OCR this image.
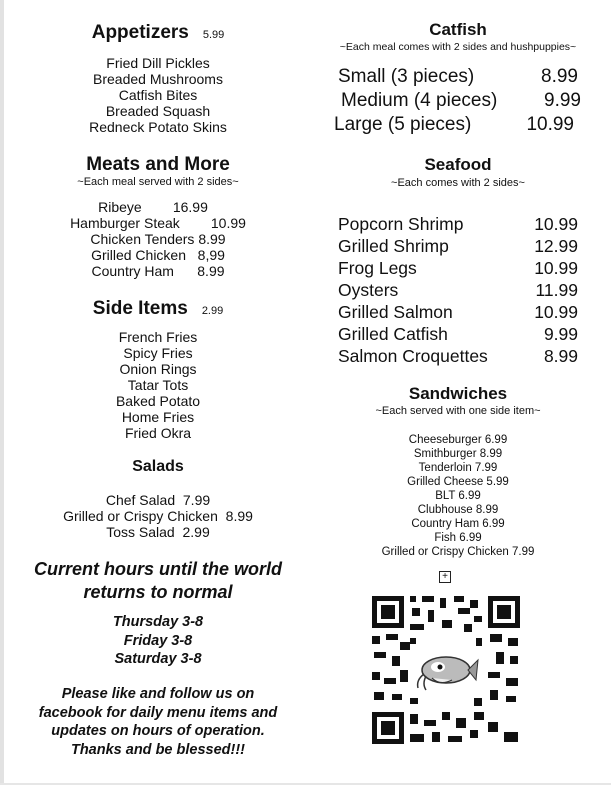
Appetizers 5.99
Fried Dill Pickles
Breaded Mushrooms
Catfish Bites
Breaded Squash
Redneck Potato Skins
Meats and More
~Each meal served with 2 sides~
Ribeye        16.99
Hamburger Steak        10.99
Chicken Tenders 8.99
Grilled Chicken   8,99
Country Ham      8.99
Side Items 2.99
French Fries
Spicy Fries
Onion Rings
Tatar Tots
Baked Potato
Home Fries
Fried Okra
Salads
Chef Salad  7.99
Grilled or Crispy Chicken  8.99
Toss Salad  2.99
Current hours until the world
returns to normal
Thursday 3-8
Friday 3-8
Saturday 3-8
Please like and follow us on
facebook for daily menu items and
updates on hours of operation.
Thanks and be blessed!!!
Catfish
~Each meal comes with 2 sides and hushpuppies~
Small (3 pieces)	8.99
Medium (4 pieces)	9.99
Large (5 pieces)	10.99
Seafood
~Each comes with 2 sides~
Popcorn Shrimp	10.99
Grilled Shrimp	12.99
Frog Legs	10.99
Oysters	11.99
Grilled Salmon	10.99
Grilled Catfish	9.99
Salmon Croquettes	8.99
Sandwiches
~Each served with one side item~
Cheeseburger 6.99
Smithburger 8.99
Tenderloin 7.99
Grilled Cheese 5.99
BLT 6.99
Clubhouse 8.99
Country Ham 6.99
Fish 6.99
Grilled or Crispy Chicken 7.99
+
